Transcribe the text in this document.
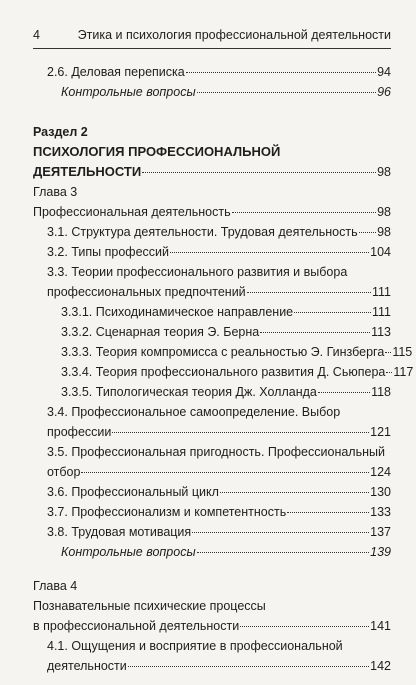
4	Этика и психология профессиональной деятельности
2.6. Деловая переписка	94
Контрольные вопросы	96
Раздел 2
ПСИХОЛОГИЯ ПРОФЕССИОНАЛЬНОЙ
ДЕЯТЕЛЬНОСТИ	98
Глава 3
Профессиональная деятельность	98
3.1. Структура деятельности. Трудовая деятельность 98
3.2. Типы профессий	104
3.3. Теории профессионального развития и выбора
профессиональных предпочтений	111
3.3.1. Психодинамическое направление	111
3.3.2. Сценарная теория Э. Берна	113
3.3.3. Теория компромисса с реальностью Э. Гинзберга 115
3.3.4. Теория профессионального развития Д. Сьюпера 117
3.3.5. Типологическая теория Дж. Холланда	118
3.4. Профессиональное самоопределение. Выбор
профессии	121
3.5. Профессиональная пригодность. Профессиональный
отбор	124
3.6. Профессиональный цикл	130
3.7. Профессионализм и компетентность	133
3.8. Трудовая мотивация	137
Контрольные вопросы	139
Глава 4
Познавательные психические процессы
в профессиональной деятельности	141
4.1. Ощущения и восприятие в профессиональной
деятельности	142
